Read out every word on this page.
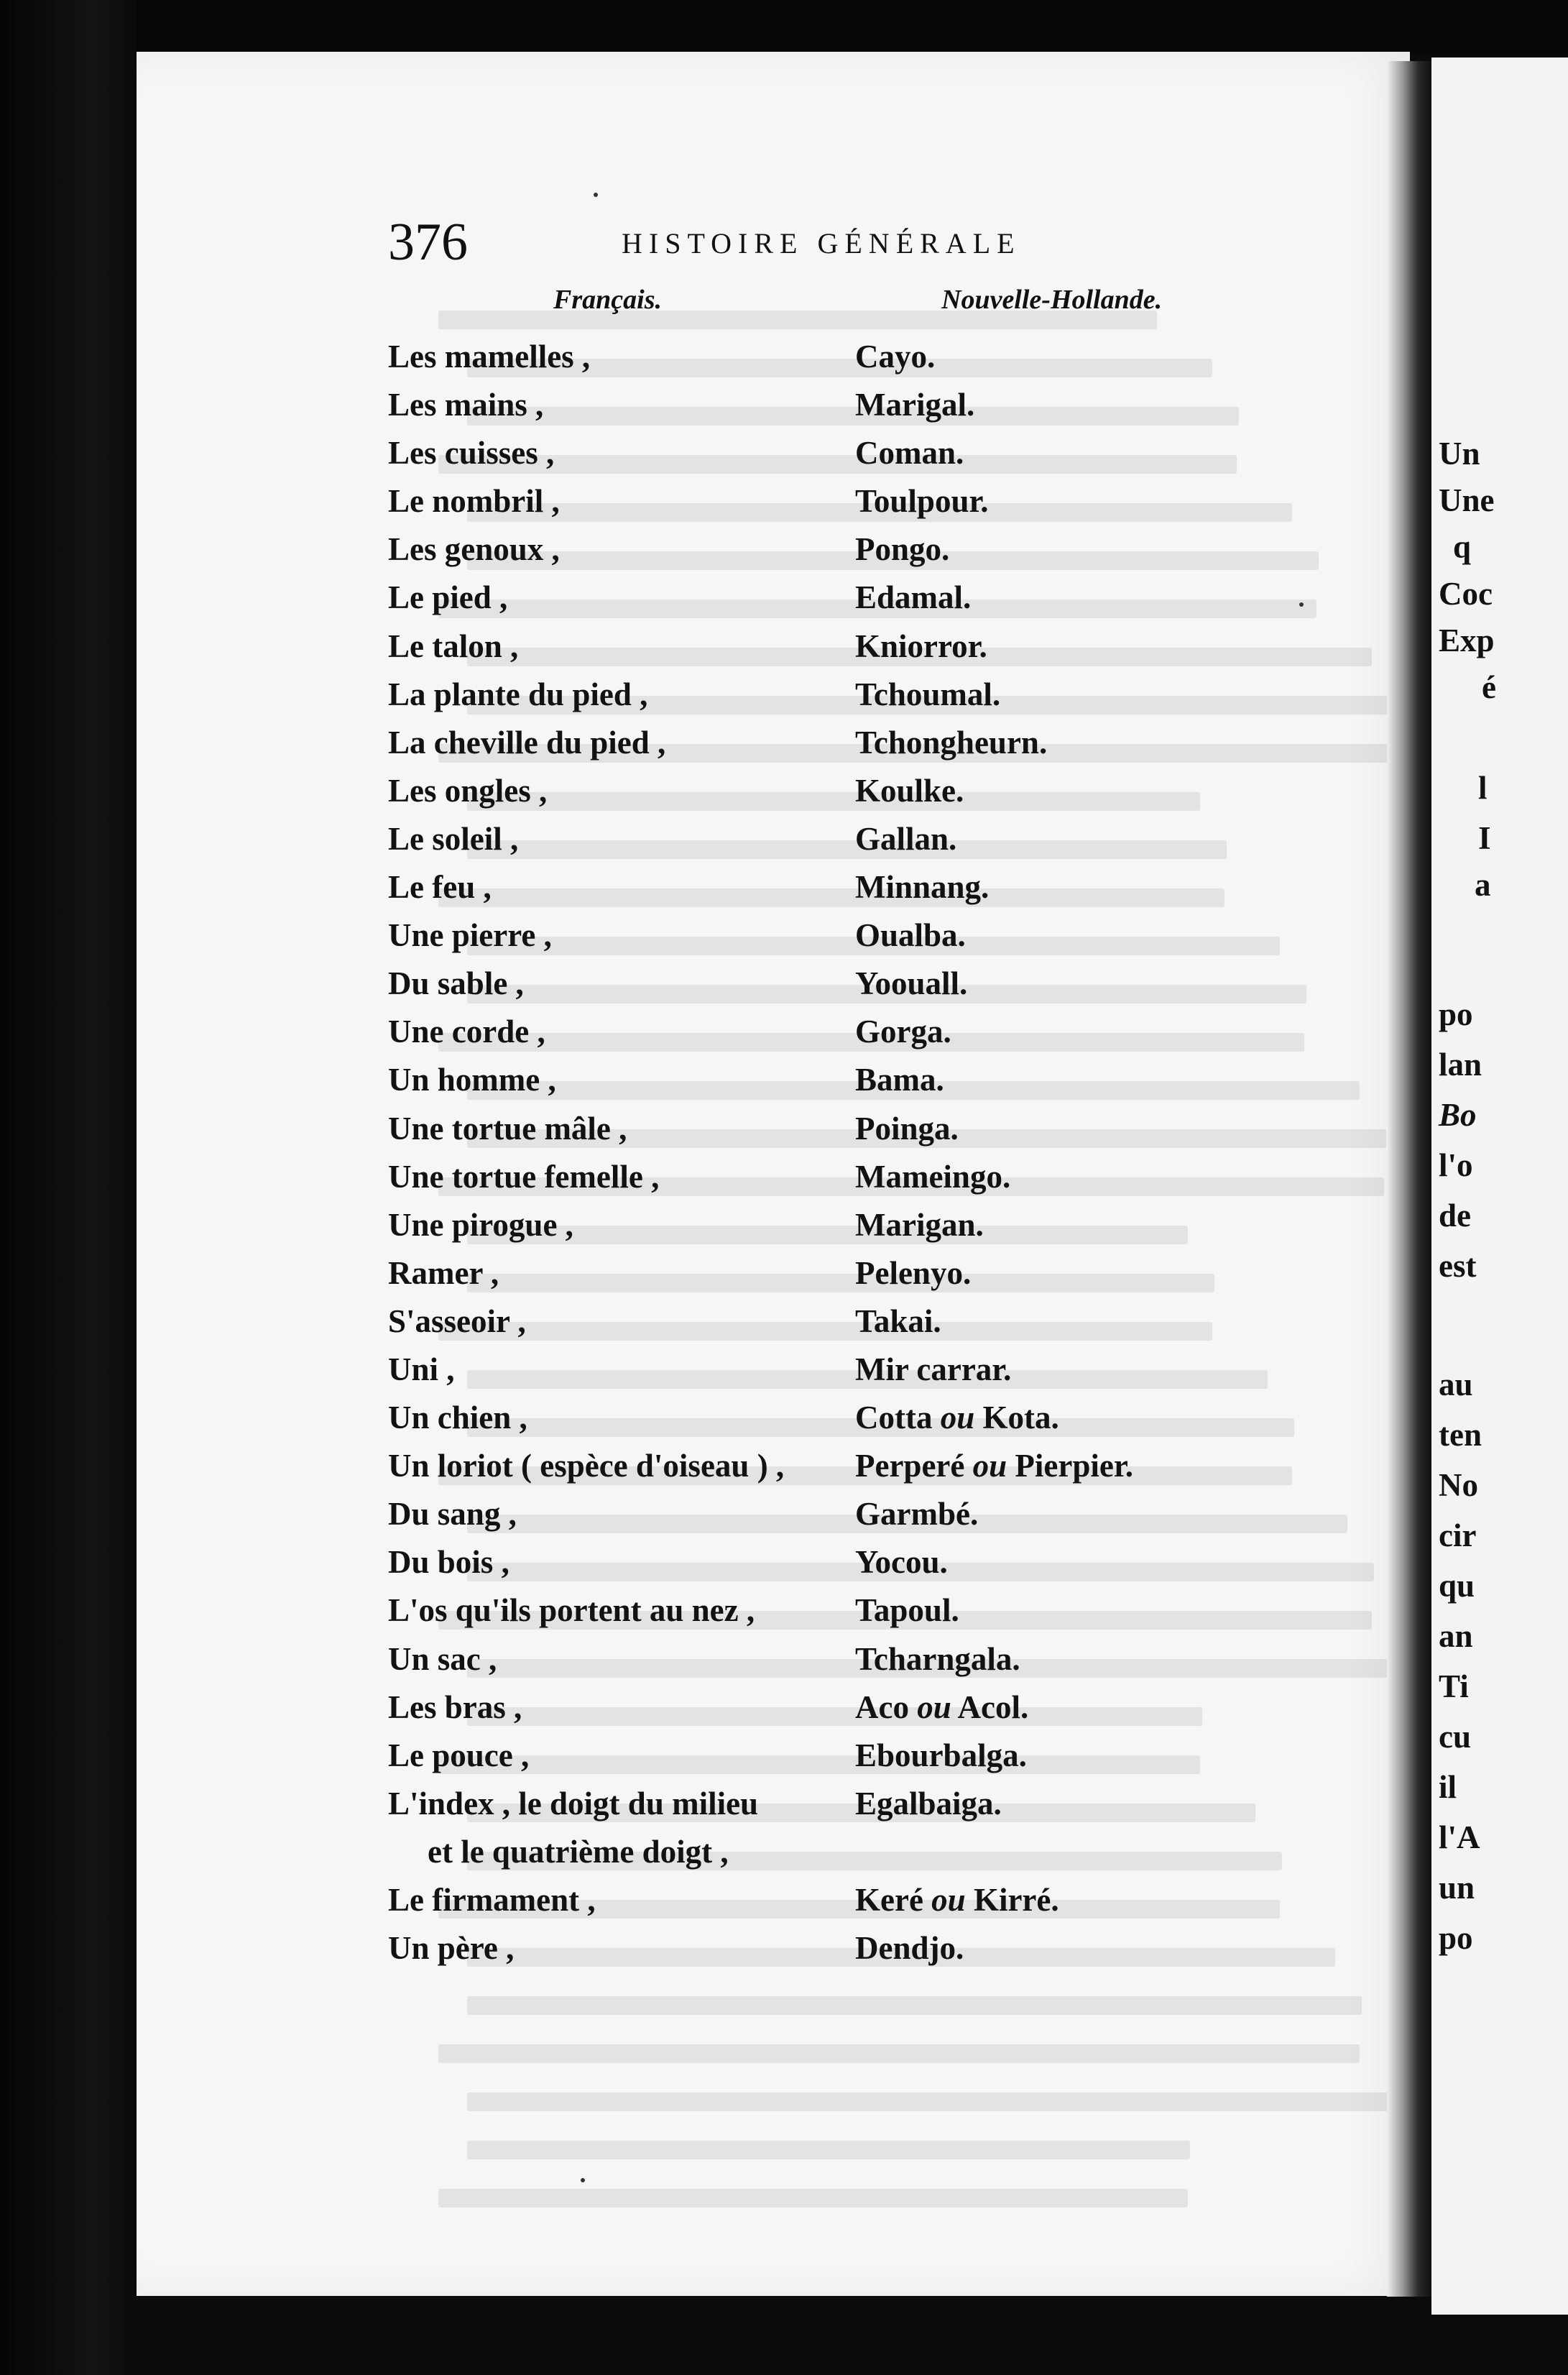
376	HISTOIRE GÉNÉRALE
Français.	Nouvelle-Hollande.
Les mamelles ,	Cayo.
Les mains ,	Marigal.
Les cuisses ,	Coman.
Le nombril ,	Toulpour.
Les genoux ,	Pongo.
Le pied ,	Edamal.
Le talon ,	Kniorror.
La plante du pied ,	Tchoumal.
La cheville du pied ,	Tchongheurn.
Les ongles ,	Koulke.
Le soleil ,	Gallan.
Le feu ,	Minnang.
Une pierre ,	Oualba.
Du sable ,	Yoouall.
Une corde ,	Gorga.
Un homme ,	Bama.
Une tortue mâle ,	Poinga.
Une tortue femelle ,	Mameingo.
Une pirogue ,	Marigan.
Ramer ,	Pelenyo.
S'asseoir ,	Takai.
Uni ,	Mir carrar.
Un chien ,	Cotta ou Kota.
Un loriot ( espèce d'oiseau ) , Perperé ou Pierpier.
Du sang ,	Garmbé.
Du bois ,	Yocou.
L'os qu'ils portent au nez ,	Tapoul.
Un sac ,	Tcharngala.
Les bras ,	Aco ou Acol.
Le pouce ,	Ebourbalga.
L'index , le doigt du milieu	Egalbaiga.
et le quatrième doigt ,
Le firmament ,	Keré ou Kirré.
Un père ,	Dendjo.
Un
Une
q
Coc
Exp
é
l
I
a
po
lan
Bo
l'o
de
est
au
ten
No
cir
qu
an
Ti
cu
il
l'A
un
po
